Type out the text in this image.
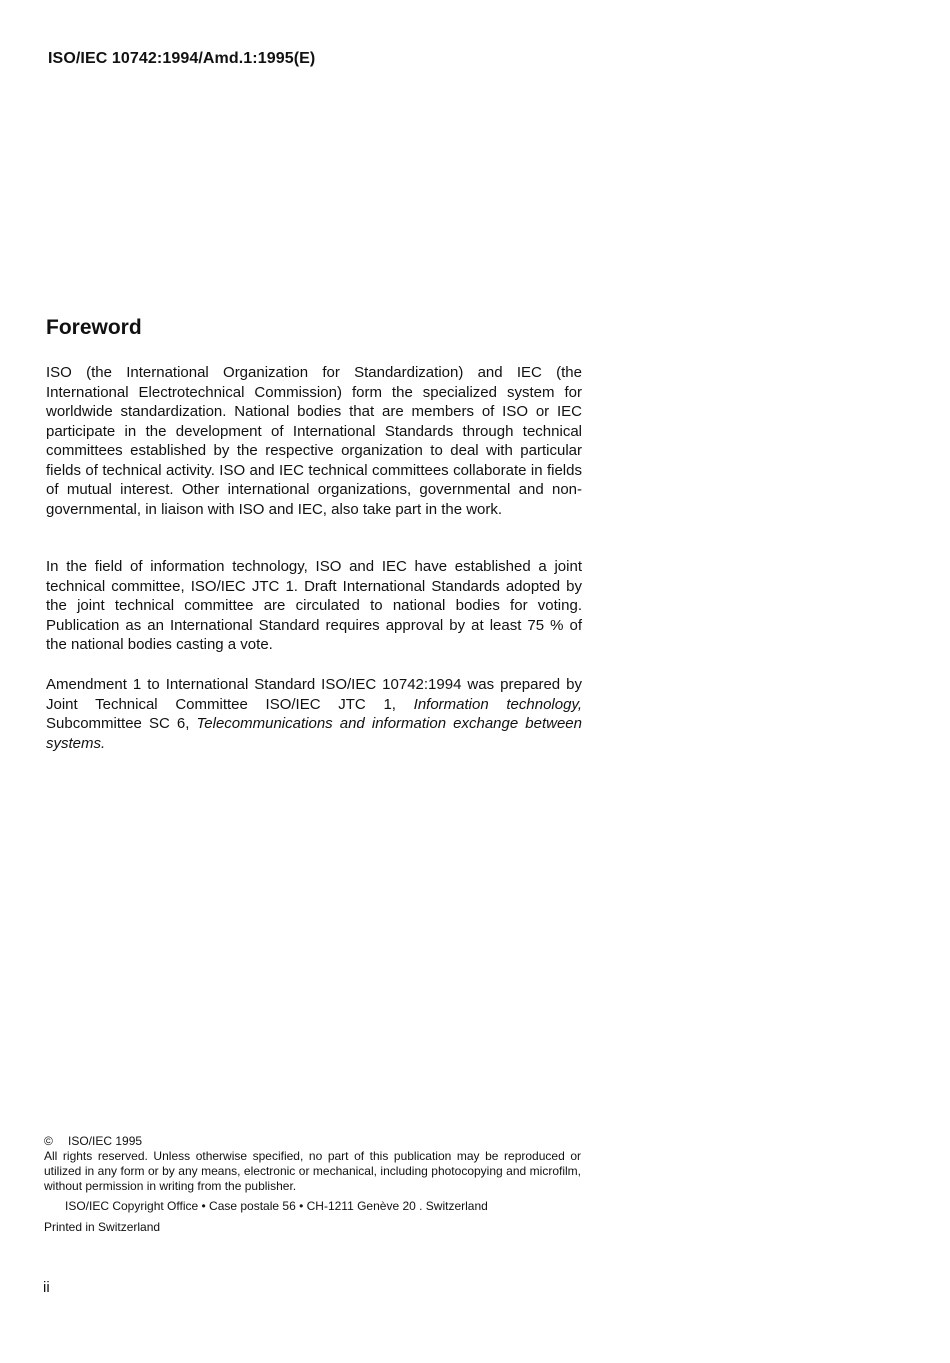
ISO/IEC 10742:1994/Amd.1:1995(E)
Foreword

ISO (the International Organization for Standardization) and IEC (the International Electrotechnical Commission) form the specialized system for worldwide standardization. National bodies that are members of ISO or IEC participate in the development of International Standards through technical committees established by the respective organization to deal with particular fields of technical activity. ISO and IEC technical committees collaborate in fields of mutual interest. Other international organizations, governmental and non-governmental, in liaison with ISO and IEC, also take part in the work.

In the field of information technology, ISO and IEC have established a joint technical committee, ISO/IEC JTC 1. Draft International Standards adopted by the joint technical committee are circulated to national bodies for voting. Publication as an International Standard requires approval by at least 75 % of the national bodies casting a vote.

Amendment 1 to International Standard ISO/IEC 10742:1994 was prepared by Joint Technical Committee ISO/IEC JTC 1, Information technology, Subcommittee SC 6, Telecommunications and information exchange between systems.

© ISO/IEC 1995

All rights reserved. Unless otherwise specified, no part of this publication may be reproduced or utilized in any form or by any means, electronic or mechanical, including photocopying and microfilm, without permission in writing from the publisher.

ISO/IEC Copyright Office • Case postale 56 • CH-1211 Genève 20 . Switzerland

Printed in Switzerland

ii
